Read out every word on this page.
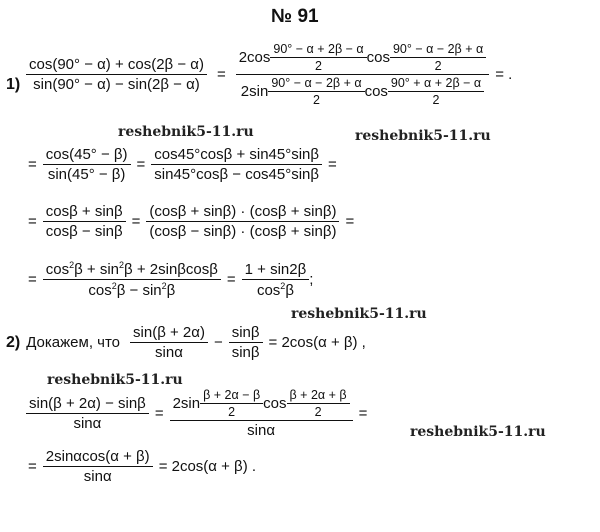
№ 91
reshebnik5-11.ru	reshebnik5-11.ru
reshebnik5-11.ru
reshebnik5-11.ru
reshebnik5-11.ru
$1) \frac{\cos(90^\circ - \alpha) + \cos(2\beta - \alpha)}{\sin(90^\circ - \alpha) - \sin(2\beta - \alpha)}$ =
$2\cos \frac{90^\circ - \alpha + 2\beta - \alpha}{2}$ $\cos \frac{90^\circ - \alpha - 2\beta + \alpha}{2}$
$2\sin \frac{90^\circ - \alpha - 2\beta + \alpha}{2}$ $\cos \frac{90^\circ + \alpha + 2\beta - \alpha}{2}$
= .
= $\frac{\cos(45^\circ - \beta)}{\sin(45^\circ - \beta)} = \frac{\cos 45^\circ\cos\beta + \sin 45^\circ\sin\beta}{\sin 45^\circ\cos\beta - \cos 45^\circ\sin\beta}$ =
= $\frac{\cos\beta + \sin\beta}{\cos\beta - \sin\beta} = \frac{(\cos\beta + \sin\beta) \cdot (\cos\beta + \sin\beta)}{(\cos\beta - \sin\beta) \cdot (\cos\beta + \sin\beta)}$ =
= $\frac{\cos^2\beta + \sin^2\beta + 2\sin\beta\cos\beta}{\cos^2\beta - \sin^2\beta} = \frac{1 + \sin 2\beta}{\cos^2\beta}$ ;
2) Докажем, что $\frac{\sin(\beta + 2\alpha)}{\sin\alpha} - \frac{\sin\beta}{\sin\beta} = 2\cos(\alpha + \beta)$ ,
$\frac{\sin(\beta + 2\alpha) - \sin\beta}{\sin\alpha}$ =
$2\sin \frac{\beta + 2\alpha - \beta}{2}$ $\cos \frac{\beta + 2\alpha + \beta}{2}$
sinα
=
= $\frac{2\sin\alpha\cos(\alpha + \beta)}{\sin\alpha} = 2\cos(\alpha + \beta)$ .
